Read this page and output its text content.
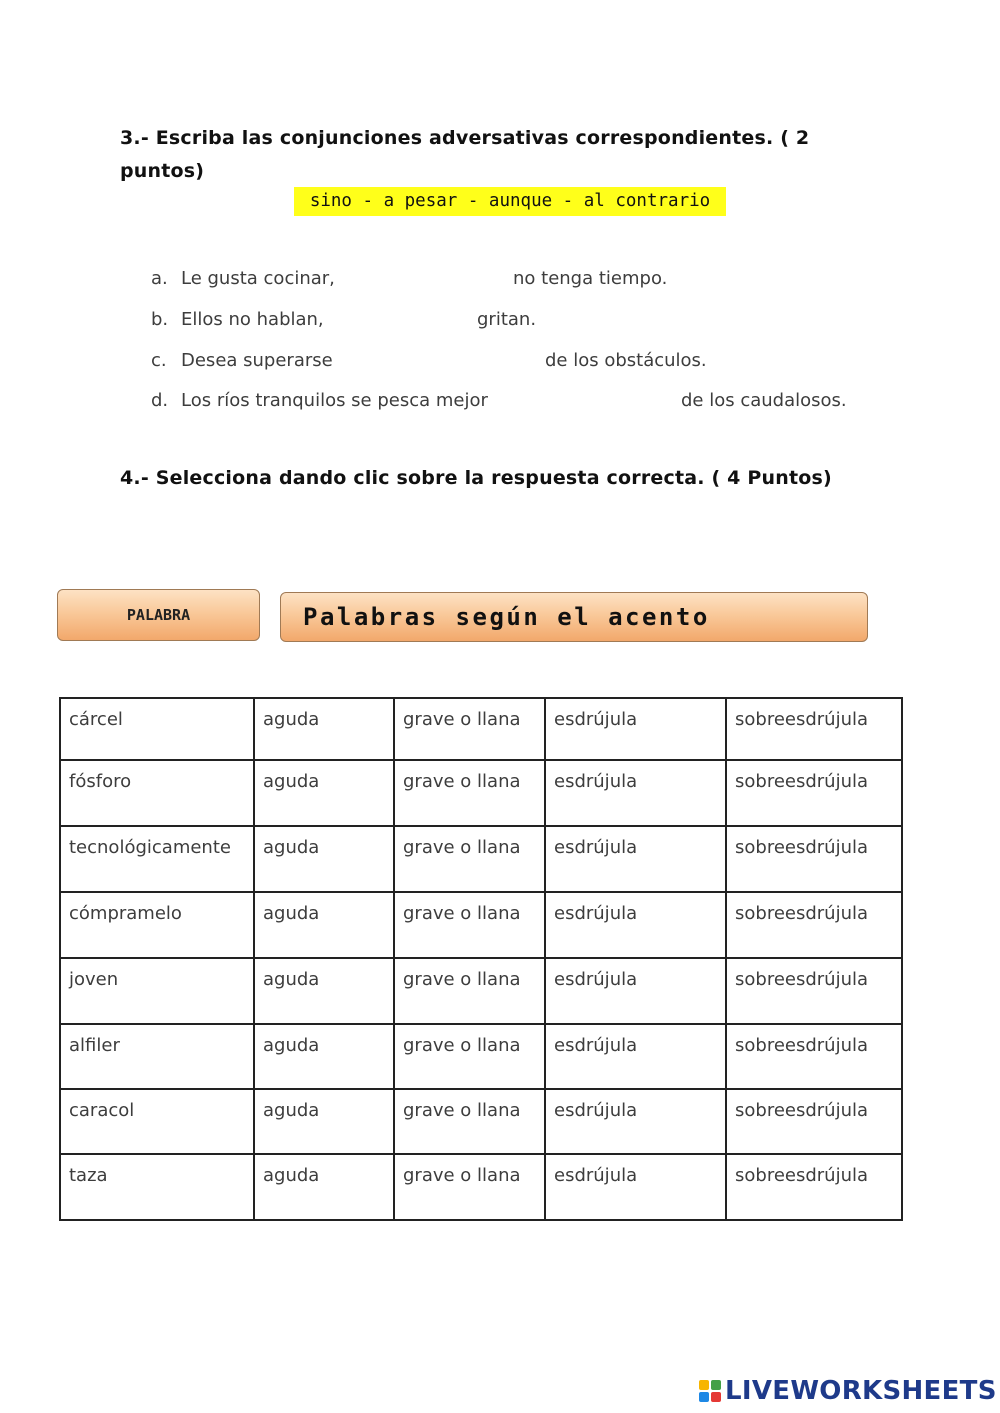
3.- Escriba las conjunciones adversativas correspondientes. ( 2 puntos)
sino - a pesar - aunque - al contrario
a. Le gusta cocinar,	no tenga tiempo.
b. Ellos no hablan,	gritan.
c. Desea superarse	de los obstáculos.
d. Los ríos tranquilos se pesca mejor	de los caudalosos.
4.- Selecciona dando clic sobre la respuesta correcta. ( 4 Puntos)
PALABRA	Palabras según el acento
cárcel	aguda	grave o llana	esdrújula	sobreesdrújula
fósforo	aguda	grave o llana	esdrújula	sobreesdrújula
tecnológicamente	aguda	grave o llana	esdrújula	sobreesdrújula
cómpramelo	aguda	grave o llana	esdrújula	sobreesdrújula
joven	aguda	grave o llana	esdrújula	sobreesdrújula
alfiler	aguda	grave o llana	esdrújula	sobreesdrújula
caracol	aguda	grave o llana	esdrújula	sobreesdrújula
taza	aguda	grave o llana	esdrújula	sobreesdrújula
LIVEWORKSHEETS
